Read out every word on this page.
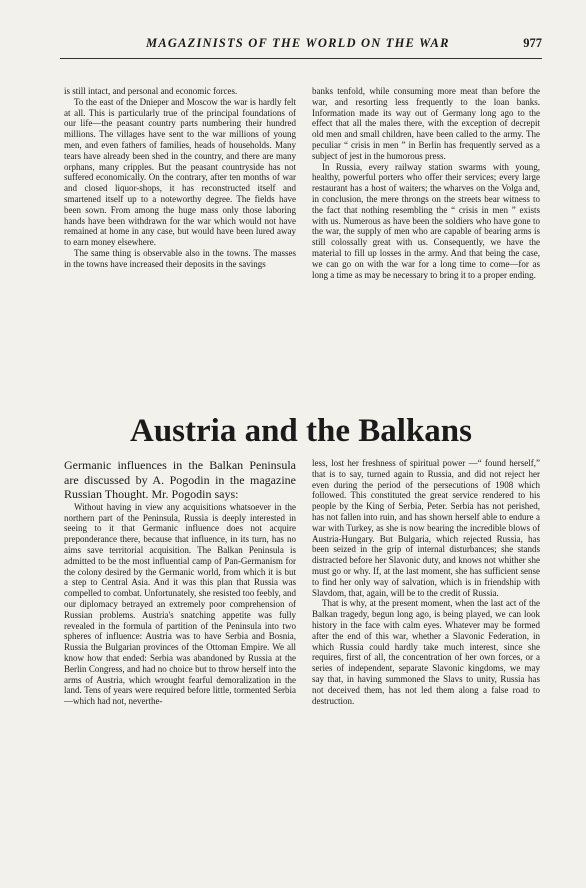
MAGAZINISTS OF THE WORLD ON THE WAR	977

is still intact, and personal and economic forces.

To the east of the Dnieper and Moscow the war is hardly felt at all. This is particularly true of the principal foundations of our life—the peasant country parts numbering their hundred millions. The villages have sent to the war millions of young men, and even fathers of families, heads of households. Many tears have already been shed in the country, and there are many orphans, many cripples. But the peasant countryside has not suffered economically. On the contrary, after ten months of war and closed liquor-shops, it has reconstructed itself and smartened itself up to a noteworthy degree. The fields have been sown. From among the huge mass only those laboring hands have been withdrawn for the war which would not have remained at home in any case, but would have been lured away to earn money elsewhere.

The same thing is observable also in the towns. The masses in the towns have increased their deposits in the savings

banks tenfold, while consuming more meat than before the war, and resorting less frequently to the loan banks. Information made its way out of Germany long ago to the effect that all the males there, with the exception of decrepit old men and small children, have been called to the army. The peculiar “ crisis in men ” in Berlin has frequently served as a subject of jest in the humorous press.

In Russia, every railway station swarms with young, healthy, powerful porters who offer their services; every large restaurant has a host of waiters; the wharves on the Volga and, in conclusion, the mere throngs on the streets bear witness to the fact that nothing resembling the “ crisis in men ” exists with us. Numerous as have been the soldiers who have gone to the war, the supply of men who are capable of bearing arms is still colossally great with us. Consequently, we have the material to fill up losses in the army. And that being the case, we can go on with the war for a long time to come—for as long a time as may be necessary to bring it to a proper ending.

Austria and the Balkans

Germanic influences in the Balkan Peninsula are discussed by A. Pogodin in the magazine Russian Thought. Mr. Pogodin says:

Without having in view any acquisitions whatsoever in the northern part of the Peninsula, Russia is deeply interested in seeing to it that Germanic influence does not acquire preponderance there, because that influence, in its turn, has no aims save territorial acquisition. The Balkan Peninsula is admitted to be the most influential camp of Pan-Germanism for the colony desired by the Germanic world, from which it is but a step to Central Asia. And it was this plan that Russia was compelled to combat. Unfortunately, she resisted too feebly, and our diplomacy betrayed an extremely poor comprehension of Russian problems. Austria's snatching appetite was fully revealed in the formula of partition of the Peninsula into two spheres of influence: Austria was to have Serbia and Bosnia, Russia the Bulgarian provinces of the Ottoman Empire. We all know how that ended: Serbia was abandoned by Russia at the Berlin Congress, and had no choice but to throw herself into the arms of Austria, which wrought fearful demoralization in the land. Tens of years were required before little, tormented Serbia—which had not, neverthe-

less, lost her freshness of spiritual power —“ found herself,” that is to say, turned again to Russia, and did not reject her even during the period of the persecutions of 1908 which followed. This constituted the great service rendered to his people by the King of Serbia, Peter. Serbia has not perished, has not fallen into ruin, and has shown herself able to endure a war with Turkey, as she is now bearing the incredible blows of Austria-Hungary. But Bulgaria, which rejected Russia, has been seized in the grip of internal disturbances; she stands distracted before her Slavonic duty, and knows not whither she must go or why. If, at the last moment, she has sufficient sense to find her only way of salvation, which is in friendship with Slavdom, that, again, will be to the credit of Russia.

That is why, at the present moment, when the last act of the Balkan tragedy, begun long ago, is being played, we can look history in the face with calm eyes. Whatever may be formed after the end of this war, whether a Slavonic Federation, in which Russia could hardly take much interest, since she requires, first of all, the concentration of her own forces, or a series of independent, separate Slavonic kingdoms, we may say that, in having summoned the Slavs to unity, Russia has not deceived them, has not led them along a false road to destruction.
